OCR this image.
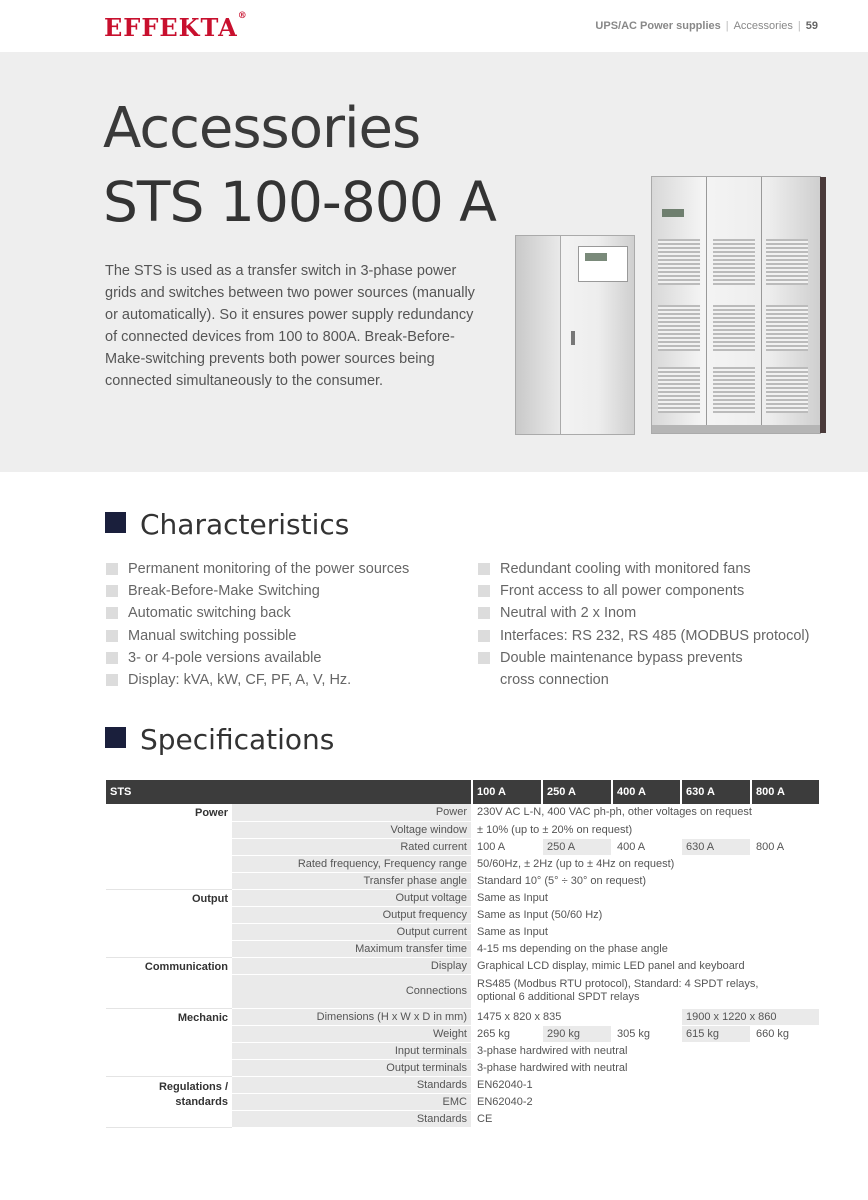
EFFEKTA®
UPS/AC Power supplies | Accessories | 59
Accessories
STS 100-800 A

The STS is used as a transfer switch in 3-phase power grids and switches between two power sources (manually or automatically). So it ensures power supply redundancy of connected devices from 100 to 800A. Break-Before-Make-switching prevents both power sources being connected simultaneously to the consumer.

Characteristics
Permanent monitoring of the power sources
Break-Before-Make Switching
Automatic switching back
Manual switching possible
3- or 4-pole versions available
Display: kVA, kW, CF, PF, A, V, Hz.
Redundant cooling with monitored fans
Front access to all power components
Neutral with 2 x Inom
Interfaces: RS 232, RS 485 (MODBUS protocol)
Double maintenance bypass prevents cross connection
Specifications
STS		100 A	250 A	400 A	630 A	800 A
Power	Power	230V AC L-N, 400 VAC ph-ph, other voltages on request				
	Voltage window	± 10% (up to ± 20% on request)				
	Rated current	100 A	250 A	400 A	630 A	800 A
	Rated frequency, Frequency range	50/60Hz, ± 2Hz (up to ± 4Hz on request)				
	Transfer phase angle	Standard 10° (5° ÷ 30° on request)				
Output	Output voltage	Same as Input				
	Output frequency	Same as Input (50/60 Hz)				
	Output current	Same as Input				
	Maximum transfer time	4-15 ms depending on the phase angle				
Communication	Display	Graphical LCD display, mimic LED panel and keyboard				
	Connections	RS485 (Modbus RTU protocol), Standard: 4 SPDT relays,
optional 6 additional SPDT relays				
Mechanic	Dimensions (H x W x D in mm)	1475 x 820 x 835			1900 x 1220 x 860	
	Weight	265 kg	290 kg	305 kg	615 kg	660 kg
	Input terminals	3-phase hardwired with neutral				
	Output terminals	3-phase hardwired with neutral				
Regulations / standards	Standards	EN62040-1				
	EMC	EN62040-2				
	Standards	CE				
